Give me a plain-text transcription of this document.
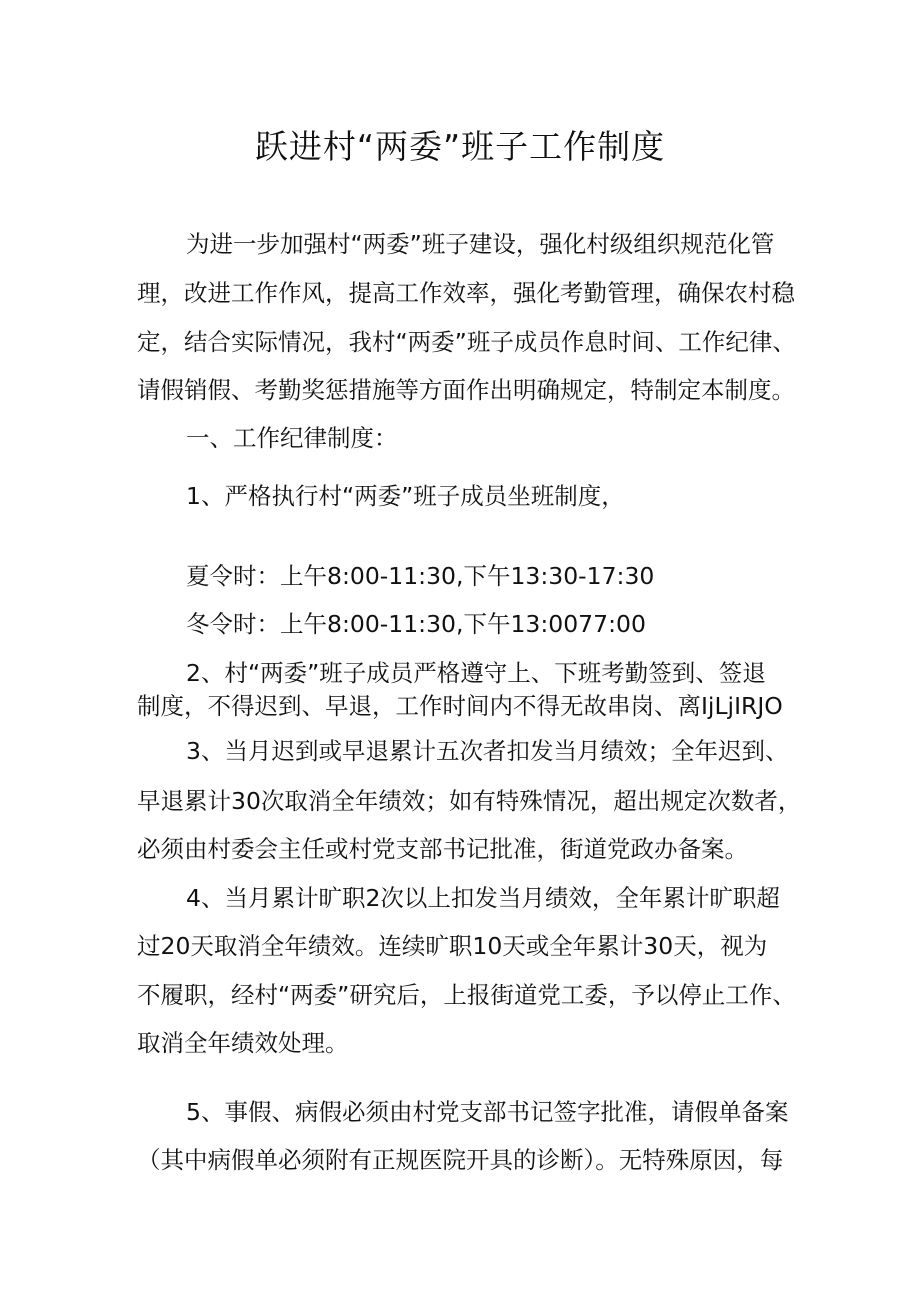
跃进村“两委”班子工作制度

为进一步加强村“两委”班子建设，强化村级组织规范化管

理，改进工作作风，提高工作效率，强化考勤管理，确保农村稳

定，结合实际情况，我村“两委”班子成员作息时间、工作纪律、

请假销假、考勤奖惩措施等方面作出明确规定，特制定本制度。

一、工作纪律制度：

1、严格执行村“两委”班子成员坐班制度，

夏令时：上午8:00-11:30,下午13:30-17:30

冬令时：上午8:00-11:30,下午13:0077:00

2、村“两委”班子成员严格遵守上、下班考勤签到、签退

制度，不得迟到、早退，工作时间内不得无故串岗、离IjLjIRJO

3、当月迟到或早退累计五次者扣发当月绩效；全年迟到、

早退累计30次取消全年绩效；如有特殊情况，超出规定次数者，

必须由村委会主任或村党支部书记批准，街道党政办备案。

4、当月累计旷职2次以上扣发当月绩效，全年累计旷职超

过20天取消全年绩效。连续旷职10天或全年累计30天，视为

不履职，经村“两委”研究后，上报街道党工委，予以停止工作、

取消全年绩效处理。

5、事假、病假必须由村党支部书记签字批准，请假单备案

（其中病假单必须附有正规医院开具的诊断）。无特殊原因，每
